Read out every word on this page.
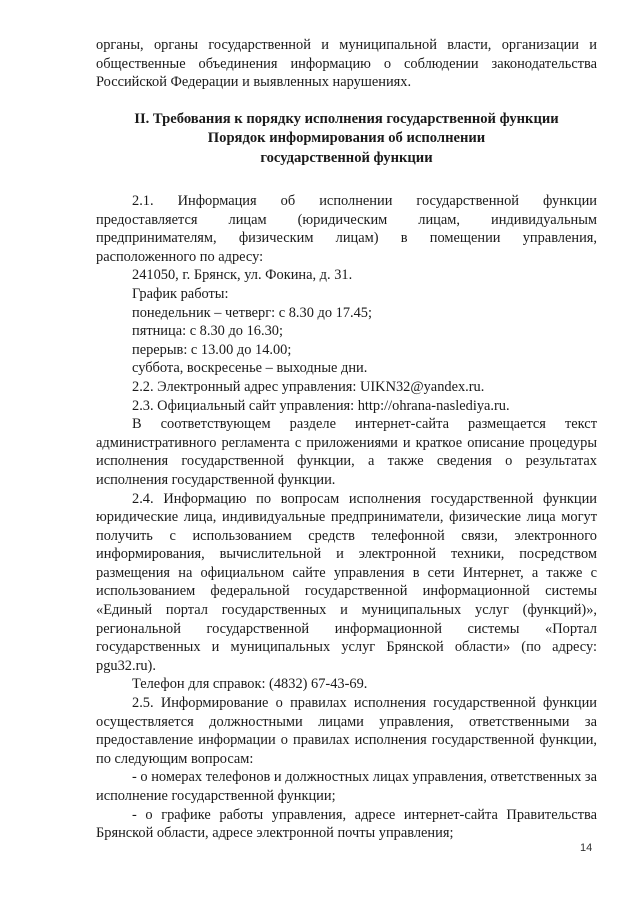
органы, органы государственной и муниципальной власти, организации и общественные объединения информацию о соблюдении законодательства Российской Федерации и выявленных нарушениях.

II. Требования к порядку исполнения государственной функции
Порядок информирования об исполнении
государственной функции

2.1. Информация об исполнении государственной функции предоставляется лицам (юридическим лицам, индивидуальным предпринимателям, физическим лицам) в помещении управления, расположенного по адресу:

241050, г. Брянск, ул. Фокина, д. 31.

График работы:

понедельник – четверг: с 8.30 до 17.45;

пятница: с 8.30 до 16.30;

перерыв: с 13.00 до 14.00;

суббота, воскресенье – выходные дни.

2.2. Электронный адрес управления: UIKN32@yandex.ru.

2.3. Официальный сайт управления: http://ohrana-naslediya.ru.

В соответствующем разделе интернет-сайта размещается текст административного регламента с приложениями и краткое описание процедуры исполнения государственной функции, а также сведения о результатах исполнения государственной функции.

2.4. Информацию по вопросам исполнения государственной функции юридические лица, индивидуальные предприниматели, физические лица могут получить с использованием средств телефонной связи, электронного информирования, вычислительной и электронной техники, посредством размещения на официальном сайте управления в сети Интернет, а также с использованием федеральной государственной информационной системы «Единый портал государственных и муниципальных услуг (функций)», региональной государственной информационной системы «Портал государственных и муниципальных услуг Брянской области» (по адресу: pgu32.ru).

Телефон для справок: (4832) 67-43-69.

2.5. Информирование о правилах исполнения государственной функции осуществляется должностными лицами управления, ответственными за предоставление информации о правилах исполнения государственной функции, по следующим вопросам:

- о номерах телефонов и должностных лицах управления, ответственных за исполнение государственной функции;

- о графике работы управления, адресе интернет-сайта Правительства Брянской области, адресе электронной почты управления;

14
